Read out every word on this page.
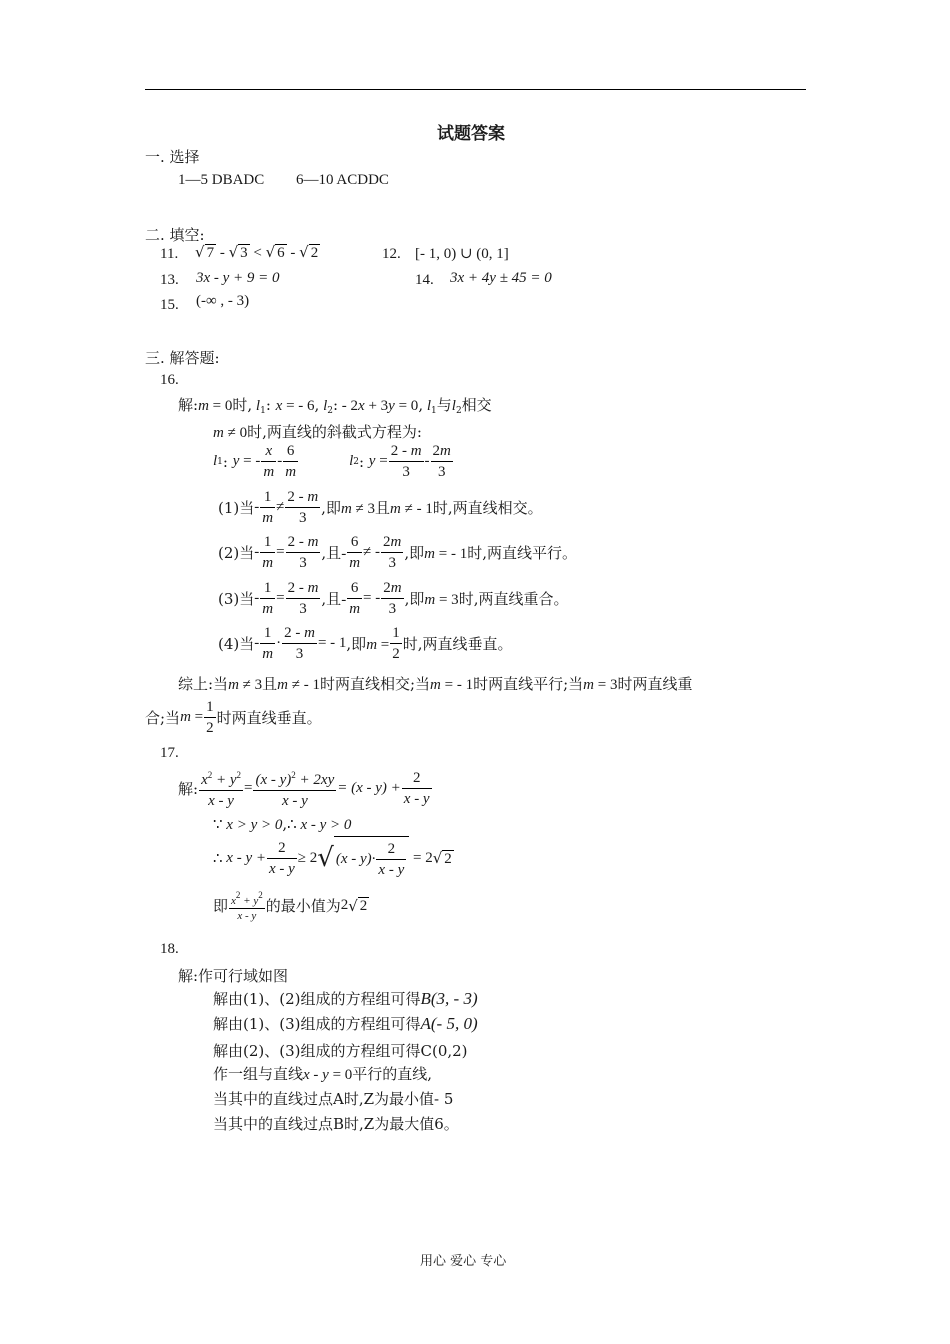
试题答案
一. 选择
1—5 DBADC 6—10 ACDDC
二. 填空:
11. √ 7 - √ 3 < √ 6 - √ 2	12. [- 1, 0) ∪ (0, 1]
13. 3x - y + 9 = 0	14. 3x + 4y ± 45 = 0
15. (-∞ , - 3)
三. 解答题:
16.
解:m = 0时, $l_1$: x = - 6, $l_2$: - 2x + 3y = 0, $l_1$与$l_2$相交
m ≠ 0时,两直线的斜截式方程为:
l 1 : y = - $\frac{x}{m} - \frac{6}{m}$	l 2 : $y = \frac{2 - m}{3} - \frac{2m}{3}$
(1)当 - $\frac{1}{m} \ne \frac{2 - m}{3}$ ,即m ≠ 3且m ≠ - 1时 ,两直线相交。
(2)当 - $\frac{1}{m} = \frac{2 - m}{3}$ ,且- $\frac{6}{m}$ ≠ - $\frac{2m}{3}$ ,即m = - 1 时,两直线平行。
(3)当 - $\frac{1}{m} = \frac{2 - m}{3}$ ,且- $\frac{6}{m}$ = - $\frac{2m}{3}$ ,即m = 3 时,两直线重合。
(4)当 - $\frac{1}{m} \cdot \frac{2 - m}{3}$ = - 1 ,即$m = \frac{1}{2}$ 时,两直线垂直。
综上:当m ≠ 3且m ≠ - 1时两直线相交;当m = - 1时两直线平行;当m = 3时两直线重
合;当 $m = \frac{1}{2}$ 时两直线垂直。
17.
解: $\frac{x^2 + y^2}{x - y} = \frac{(x - y)^2 + 2xy}{x - y} = (x - y) + \frac{2}{x - y}$
∵ x > y > 0,∴ x - y > 0
∴ $x - y + \frac{2}{x - y} \ge 2$ √ $(x - y)\cdot \frac{2}{x - y} = 2$ √ 2
即 $\frac{x^2 + y^2}{x - y}$ 的最小值为 2 √ 2
18.
解:作可行域如图
解由(1)、(2)组成的方程组可得B(3, - 3)
解由(1)、(3)组成的方程组可得A(- 5, 0)
解由(2)、(3)组成的方程组可得C(0,2)
作一组与直线x - y = 0平行的直线,
当其中的直线过点A时,Z为最小值- 5
当其中的直线过点B时,Z为最大值6。
用心 爱心 专心
